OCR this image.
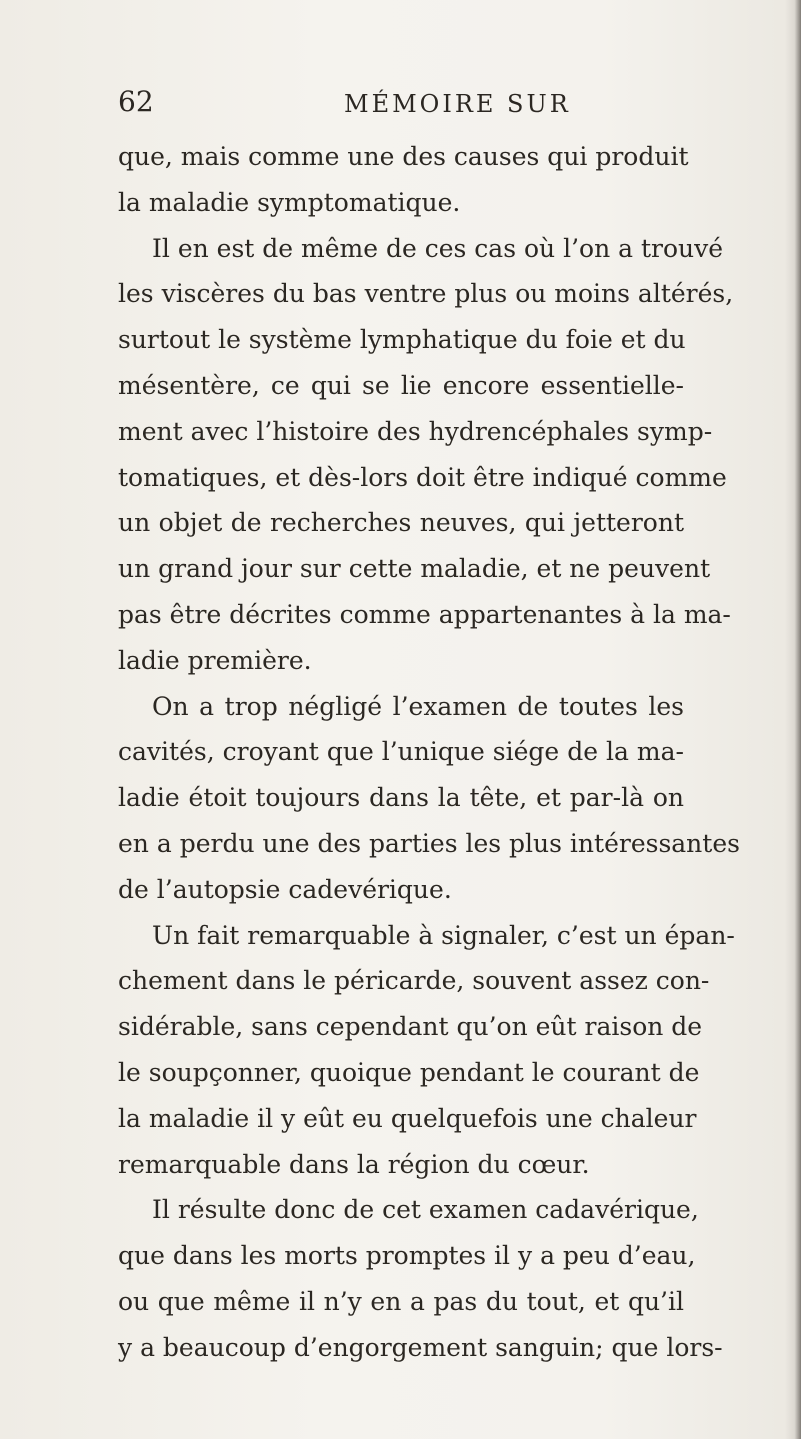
62	MÉMOIRE SUR
que, mais comme une des causes qui produit
la maladie symptomatique.
Il en est de même de ces cas où l’on a trouvé
les viscères du bas ventre plus ou moins altérés,
surtout le système lymphatique du foie et du
mésentère, ce qui se lie encore essentielle-
ment avec l’histoire des hydrencéphales symp-
tomatiques, et dès-lors doit être indiqué comme
un objet de recherches neuves, qui jetteront
un grand jour sur cette maladie, et ne peuvent
pas être décrites comme appartenantes à la ma-
ladie première.
On a trop négligé l’examen de toutes les
cavités, croyant que l’unique siége de la ma-
ladie étoit toujours dans la tête, et par-là on
en a perdu une des parties les plus intéressantes
de l’autopsie cadevérique.
Un fait remarquable à signaler, c’est un épan-
chement dans le péricarde, souvent assez con-
sidérable, sans cependant qu’on eût raison de
le soupçonner, quoique pendant le courant de
la maladie il y eût eu quelquefois une chaleur
remarquable dans la région du cœur.
Il résulte donc de cet examen cadavérique,
que dans les morts promptes il y a peu d’eau,
ou que même il n’y en a pas du tout, et qu’il
y a beaucoup d’engorgement sanguin; que lors-
